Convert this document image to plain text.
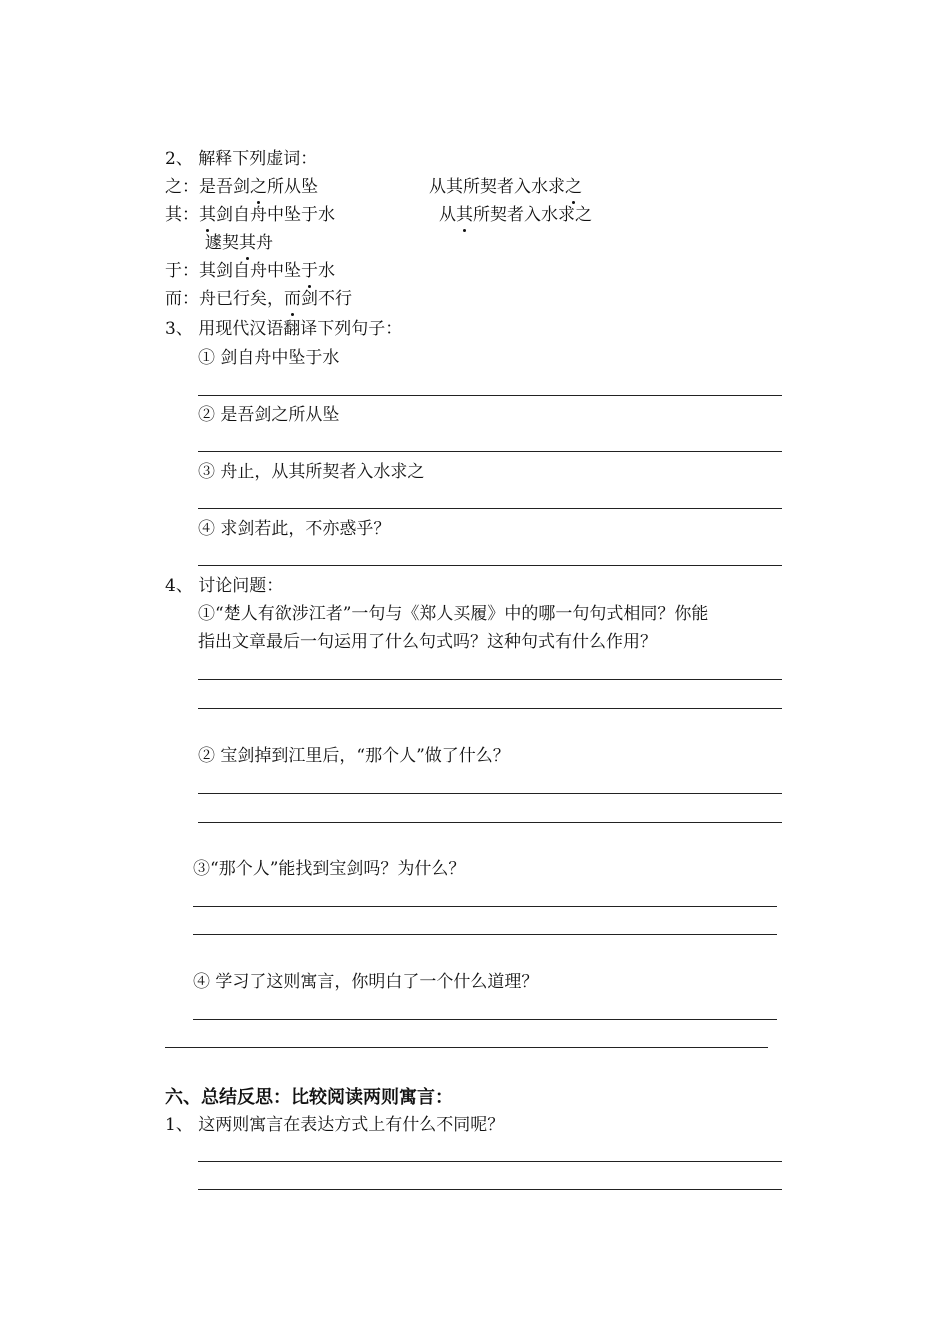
2、 解释下列虚词：
之：是吾剑之所从坠	从其所契者入水求之
其：其剑自舟中坠于水	从其所契者入水求之
遽契其舟
于：其剑自舟中坠于水
而：舟已行矣，而剑不行
3、 用现代汉语翻译下列句子：
① 剑自舟中坠于水
② 是吾剑之所从坠
③ 舟止，从其所契者入水求之
④ 求剑若此，不亦惑乎？
4、 讨论问题：
①“楚人有欲涉江者”一句与《郑人买履》中的哪一句句式相同？你能
指出文章最后一句运用了什么句式吗？这种句式有什么作用？
② 宝剑掉到江里后，“那个人”做了什么？
③“那个人”能找到宝剑吗？为什么？
④ 学习了这则寓言，你明白了一个什么道理？
六、总结反思：比较阅读两则寓言：
1、 这两则寓言在表达方式上有什么不同呢？
